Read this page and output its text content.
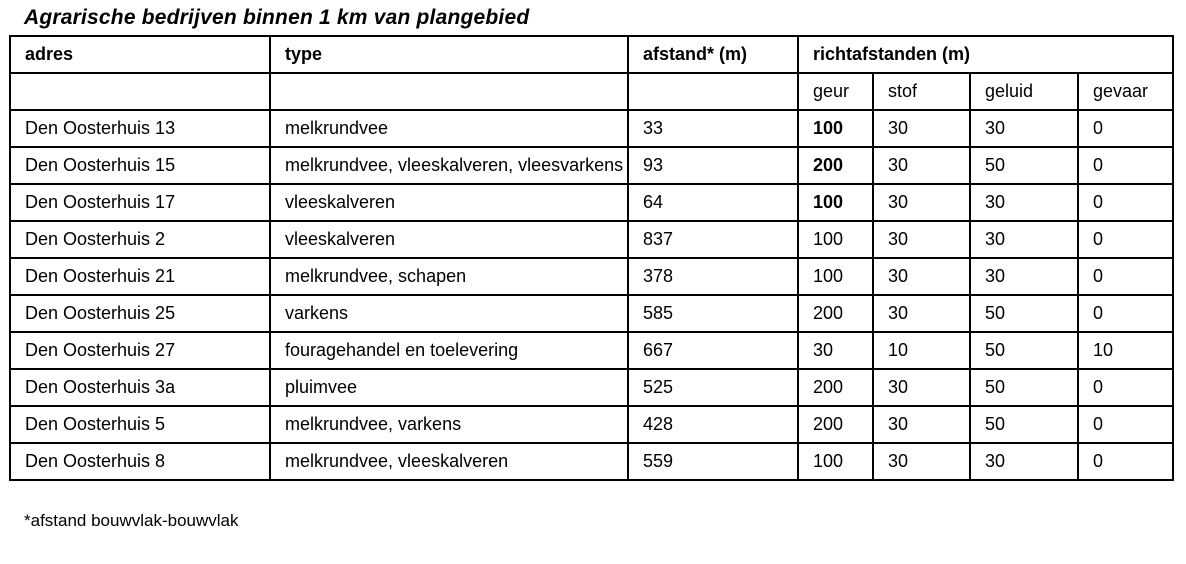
Agrarische bedrijven binnen 1 km van plangebied
adres	type	afstand* (m)	richtafstanden (m)			
			geur	stof	geluid	gevaar
Den Oosterhuis 13	melkrundvee	33	100	30	30	0
Den Oosterhuis 15	melkrundvee, vleeskalveren, vleesvarkens	93	200	30	50	0
Den Oosterhuis 17	vleeskalveren	64	100	30	30	0
Den Oosterhuis 2	vleeskalveren	837	100	30	30	0
Den Oosterhuis 21	melkrundvee, schapen	378	100	30	30	0
Den Oosterhuis 25	varkens	585	200	30	50	0
Den Oosterhuis 27	fouragehandel en toelevering	667	30	10	50	10
Den Oosterhuis 3a	pluimvee	525	200	30	50	0
Den Oosterhuis 5	melkrundvee, varkens	428	200	30	50	0
Den Oosterhuis 8	melkrundvee, vleeskalveren	559	100	30	30	0
*afstand bouwvlak-bouwvlak
